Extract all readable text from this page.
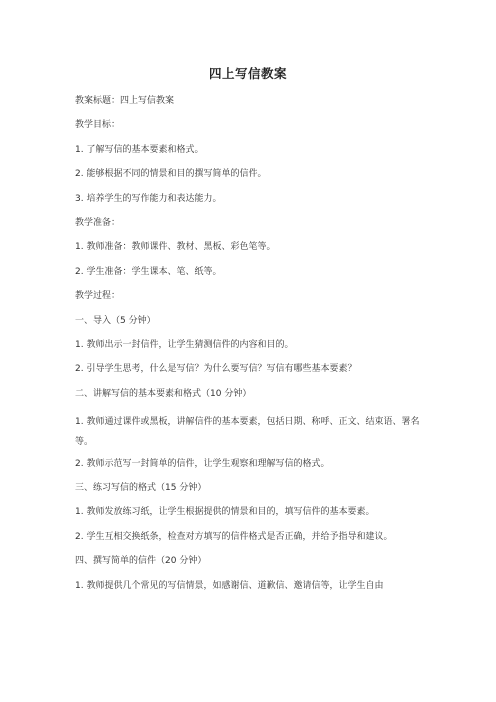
四上写信教案

教案标题：四上写信教案

教学目标：

1. 了解写信的基本要素和格式。

2. 能够根据不同的情景和目的撰写简单的信件。

3. 培养学生的写作能力和表达能力。

教学准备：

1. 教师准备：教师课件、教材、黑板、彩色笔等。

2. 学生准备：学生课本、笔、纸等。

教学过程：

一、导入（5 分钟）

1. 教师出示一封信件，让学生猜测信件的内容和目的。

2. 引导学生思考，什么是写信？为什么要写信？写信有哪些基本要素？

二、讲解写信的基本要素和格式（10 分钟）

1. 教师通过课件或黑板，讲解信件的基本要素，包括日期、称呼、正文、结束语、署名等。

2. 教师示范写一封简单的信件，让学生观察和理解写信的格式。

三、练习写信的格式（15 分钟）

1. 教师发放练习纸，让学生根据提供的情景和目的，填写信件的基本要素。

2. 学生互相交换纸条，检查对方填写的信件格式是否正确，并给予指导和建议。

四、撰写简单的信件（20 分钟）

1. 教师提供几个常见的写信情景，如感谢信、道歉信、邀请信等，让学生自由
